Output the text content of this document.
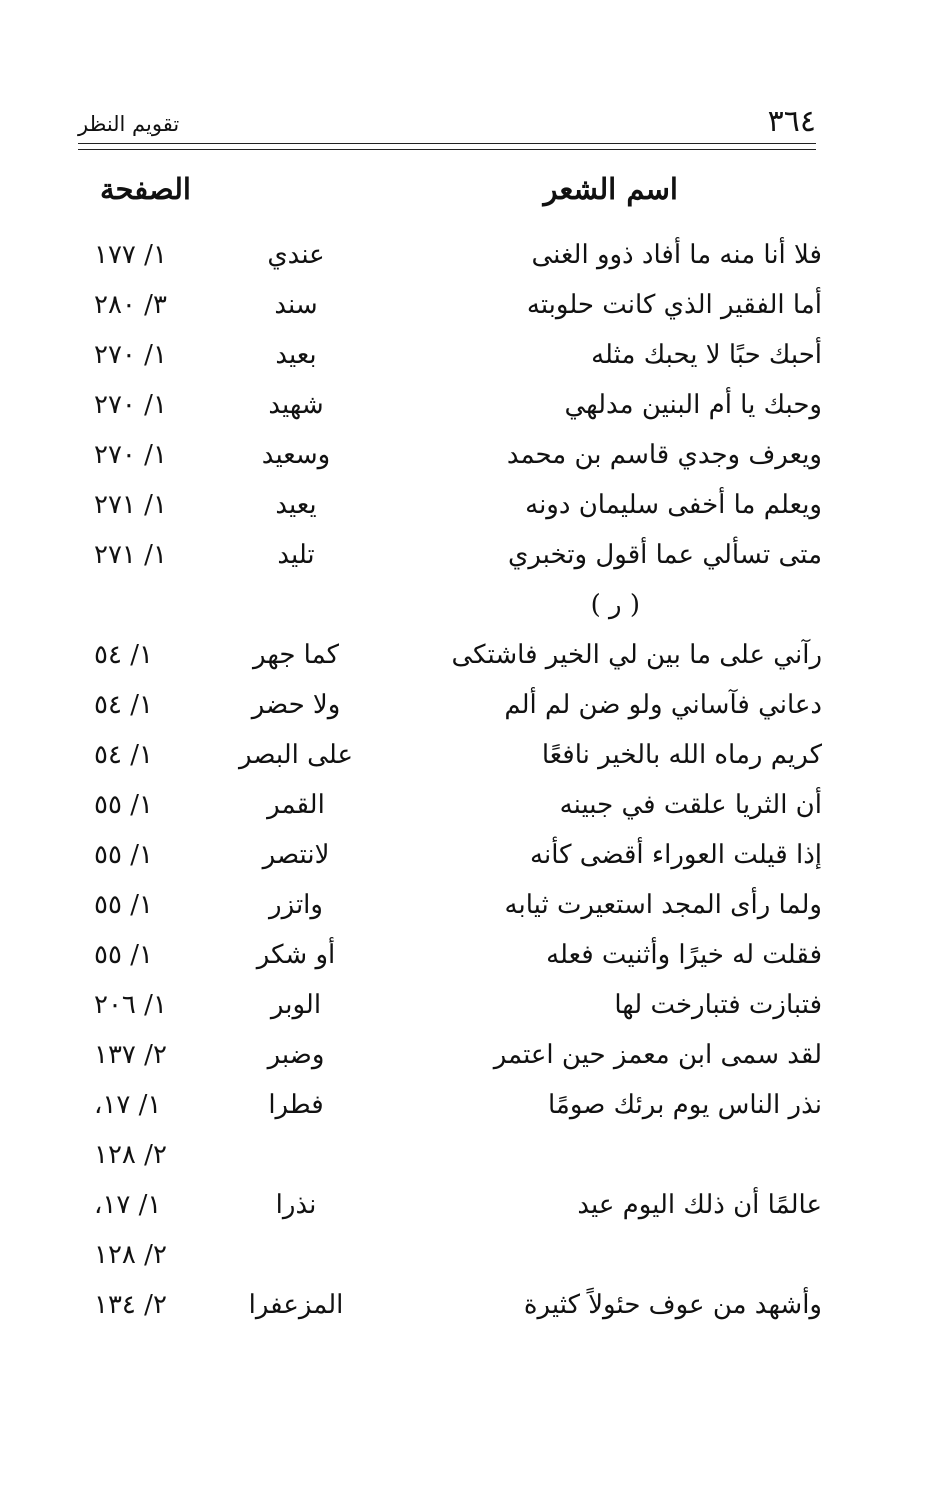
٣٦٤
تقويم النظر
اسم الشعر
الصفحة
فلا أنا منه ما أفاد ذوو الغنى
عندي
١/ ١٧٧
أما الفقير الذي كانت حلوبته
سند
٣/ ٢٨٠
أحبك حبًا لا يحبك مثله
بعيد
١/ ٢٧٠
وحبك يا أم البنين مدلهي
شهيد
١/ ٢٧٠
ويعرف وجدي قاسم بن محمد
وسعيد
١/ ٢٧٠
ويعلم ما أخفى سليمان دونه
يعيد
١/ ٢٧١
متى تسألي عما أقول وتخبري
تليد
١/ ٢٧١
( ر )
رآني على ما بين لي الخير فاشتكى
كما جهر
١/ ٥٤
دعاني فآساني ولو ضن لم ألم
ولا حضر
١/ ٥٤
كريم رماه الله بالخير نافعًا
على البصر
١/ ٥٤
أن الثريا علقت في جبينه
القمر
١/ ٥٥
إذا قيلت العوراء أقضى كأنه
لانتصر
١/ ٥٥
ولما رأى المجد استعيرت ثيابه
واتزر
١/ ٥٥
فقلت له خيرًا وأثنيت فعله
أو شكر
١/ ٥٥
فتبازت فتبارخت لها
الوبر
١/ ٢٠٦
لقد سمى ابن معمز حين اعتمر
وضبر
٢/ ١٣٧
نذر الناس يوم برئك صومًا
فطرا
١/ ١٧،
٢/ ١٢٨
عالمًا أن ذلك اليوم عيد
نذرا
١/ ١٧،
٢/ ١٢٨
وأشهد من عوف حئولاً كثيرة
المزعفرا
٢/ ١٣٤
